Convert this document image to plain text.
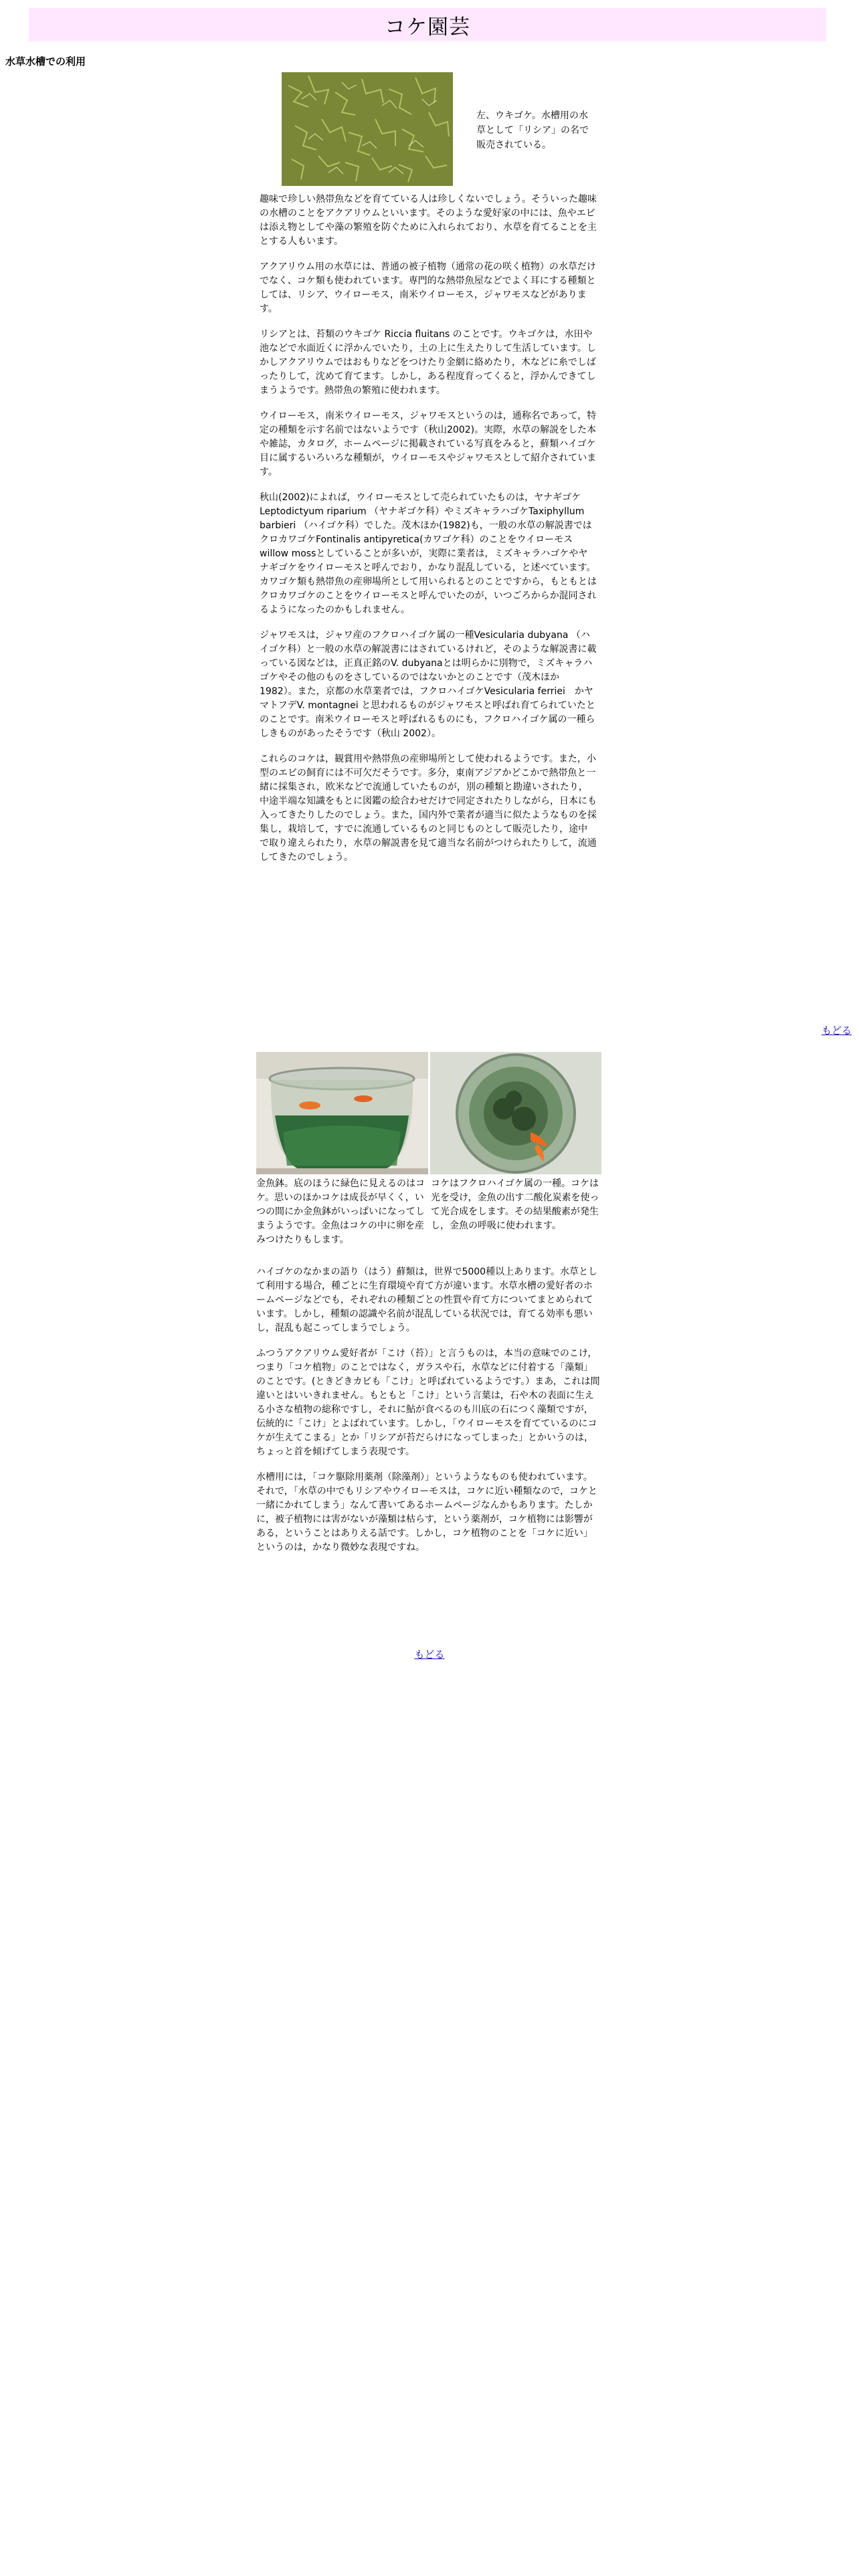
コケ園芸
水草水槽での利用

左、ウキゴケ。水槽用の水草として「リシア」の名で販売されている。

趣味で珍しい熱帯魚などを育てている人は珍しくないでしょう。そういった趣味の水槽のことをアクアリウムといいます。そのような愛好家の中には、魚やエビは添え物としてや藻の繁殖を防ぐために入れられており、水草を育てることを主とする人もいます。

アクアリウム用の水草には、普通の被子植物（通常の花の咲く植物）の水草だけでなく、コケ類も使われています。専門的な熱帯魚屋などでよく耳にする種類としては、リシア、ウイローモス，南米ウイローモス，ジャワモスなどがあります。

リシアとは、苔類のウキゴケ Riccia fluitans のことです。ウキゴケは，水田や池などで水面近くに浮かんでいたり，土の上に生えたりして生活しています。しかしアクアリウムではおもりなどをつけたり金網に絡めたり，木などに糸でしばったりして，沈めて育てます。しかし，ある程度育ってくると，浮かんできてしまうようです。熱帯魚の繁殖に使われます。

ウイローモス，南米ウイローモス，ジャワモスというのは，通称名であって，特定の種類を示す名前ではないようです（秋山2002)。実際，水草の解説をした本や雑誌，カタログ，ホームページに掲載されている写真をみると，蘚類ハイゴケ目に属するいろいろな種類が，ウイローモスやジャワモスとして紹介されています。

秋山(2002)によれば，ウイローモスとして売られていたものは，ヤナギゴケLeptodictyum riparium （ヤナギゴケ科）やミズキャラハゴケTaxiphyllum barbieri （ハイゴケ科）でした。茂木ほか(1982)も，一般の水草の解説書ではクロカワゴケFontinalis antipyretica(カワゴケ科）のことをウイローモスwillow mossとしていることが多いが，実際に業者は，ミズキャラハゴケやヤナギゴケをウイローモスと呼んでおり，かなり混乱している，と述べています。カワゴケ類も熱帯魚の産卵場所として用いられるとのことですから，もともとはクロカワゴケのことをウイローモスと呼んでいたのが，いつごろからか混同されるようになったのかもしれません。

ジャワモスは，ジャワ産のフクロハイゴケ属の一種Vesicularia dubyana （ハイゴケ科）と一般の水草の解説書にはされているけれど，そのような解説書に載っている図などは，正真正銘のV. dubyanaとは明らかに別物で，ミズキャラハゴケやその他のものをさしているのではないかとのことです（茂木ほか 1982）。また，京都の水草業者では，フクロハイゴケVesicularia ferriei　かヤマトフデV. montagnei と思われるものがジャワモスと呼ばれ育てられていたとのことです。南米ウイローモスと呼ばれるものにも，フクロハイゴケ属の一種らしきものがあったそうです（秋山 2002）。

これらのコケは，観賞用や熱帯魚の産卵場所として使われるようです。また，小型のエビの飼育には不可欠だそうです。多分，東南アジアかどこかで熱帯魚と一緒に採集され，欧米などで流通していたものが，別の種類と勘違いされたり，中途半端な知識をもとに図鑑の絵合わせだけで同定されたりしながら，日本にも入ってきたりしたのでしょう。また，国内外で業者が適当に似たようなものを採集し，栽培して，すでに流通しているものと同じものとして販売したり，途中で取り違えられたり，水草の解説書を見て適当な名前がつけられたりして，流通してきたのでしょう。

もどる

金魚鉢。底のほうに緑色に見えるのはコケ。思いのほかコケは成長が早くく，いつの間にか金魚鉢がいっぱいになってしまうようです。金魚はコケの中に卵を産みつけたりもします。

コケはフクロハイゴケ属の一種。コケは光を受け，金魚の出す二酸化炭素を使って光合成をします。その結果酸素が発生し，金魚の呼吸に使われます。

ハイゴケのなかまの語り（はう）蘚類は，世界で5000種以上あります。水草として利用する場合，種ごとに生育環境や育て方が違います。水草水槽の愛好者のホームページなどでも，それぞれの種類ごとの性質や育て方についてまとめられています。しかし，種類の認識や名前が混乱している状況では，育てる効率も悪いし，混乱も起こってしまうでしょう。

ふつうアクアリウム愛好者が「こけ（苔）」と言うものは，本当の意味でのこけ，つまり「コケ植物」のことではなく，ガラスや石，水草などに付着する「藻類」のことです。(ときどきカビも「こけ」と呼ばれているようです。）まあ，これは間違いとはいいきれません。もともと「こけ」という言葉は，石や木の表面に生える小さな植物の総称ですし，それに鮎が食べるのも川底の石につく藻類ですが，伝統的に「こけ」とよばれています。しかし，「ウイローモスを育てているのにコケが生えてこまる」とか「リシアが苔だらけになってしまった」とかいうのは，ちょっと首を傾げてしまう表現です。

水槽用には，「コケ駆除用薬剤（除藻剤）」というようなものも使われています。それで，「水草の中でもリシアやウイローモスは，コケに近い種類なので，コケと一緒にかれてしまう」なんて書いてあるホームページなんかもあります。たしかに，被子植物には害がないが藻類は枯らす，という薬剤が，コケ植物には影響がある，ということはありえる話です。しかし，コケ植物のことを「コケに近い」というのは，かなり微妙な表現ですね。

もどる
